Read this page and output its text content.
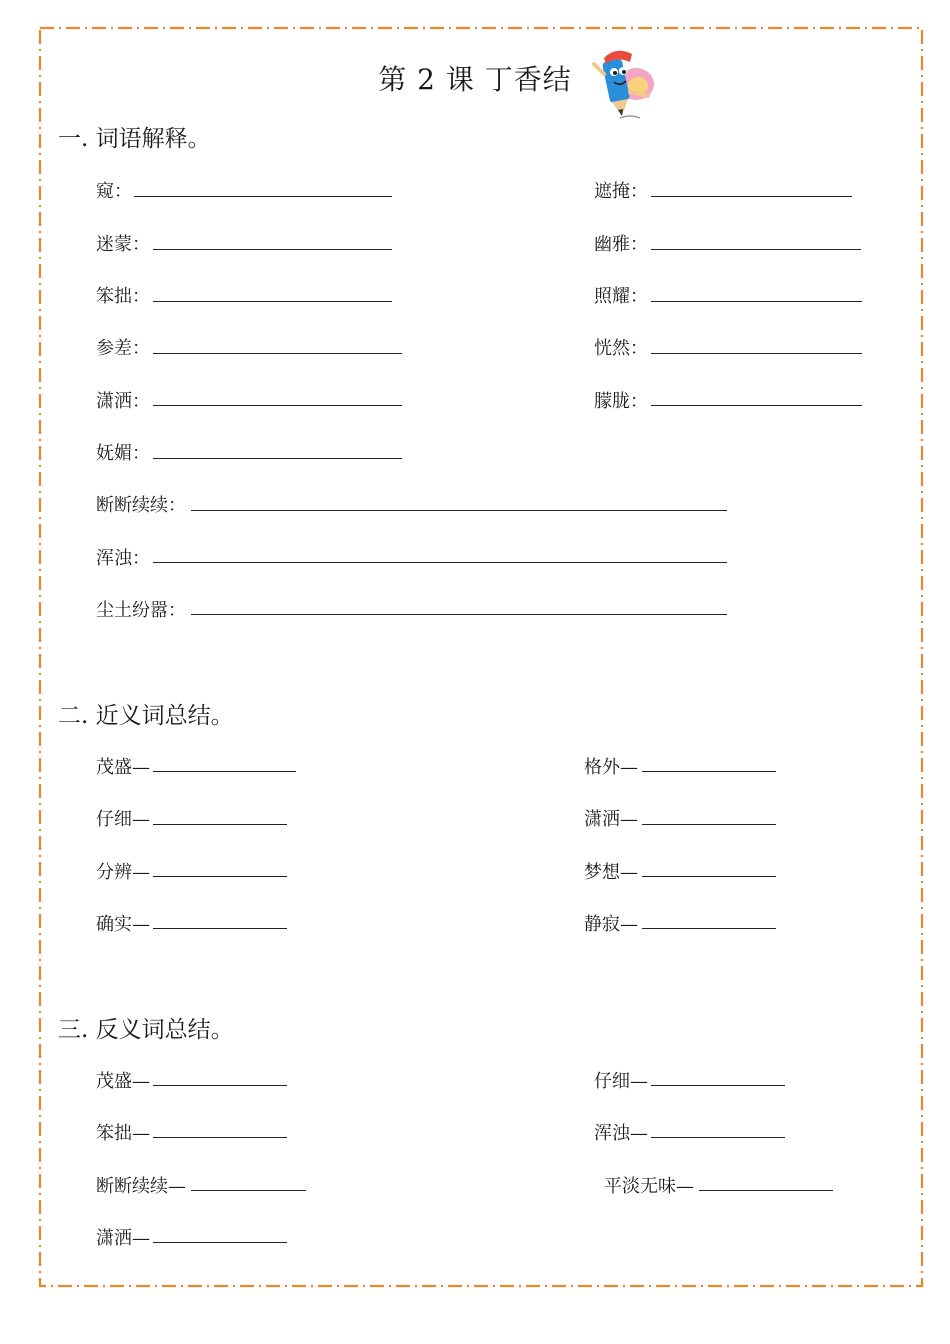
第 2 课 丁香结
一. 词语解释。
窥：	遮掩：
迷蒙：	幽雅：
笨拙：	照耀：
参差：	恍然：
潇洒：	朦胧：
妩媚：
断断续续：
浑浊：
尘土纷嚣：
二. 近义词总结。
茂盛—	格外—
仔细—	潇洒—
分辨—	梦想—
确实—	静寂—
三. 反义词总结。
茂盛—	仔细—
笨拙—	浑浊—
断断续续—	平淡无味—
潇洒—
